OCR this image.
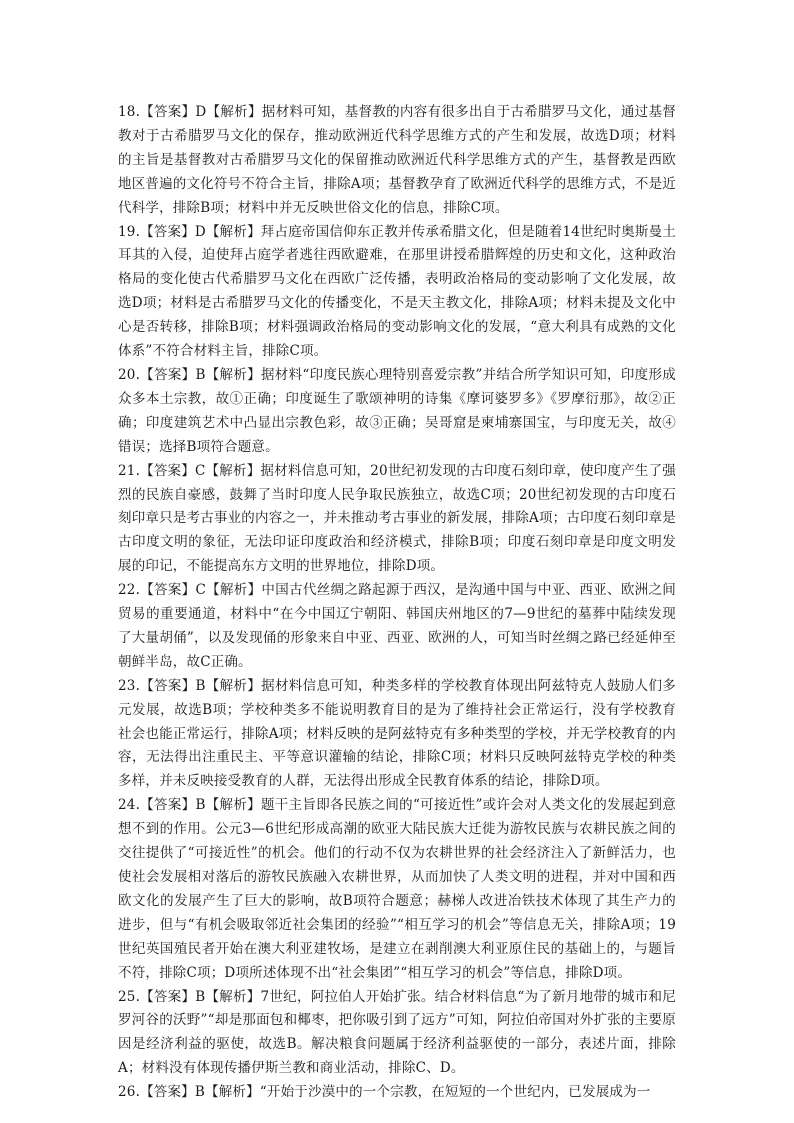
18.【答案】D【解析】据材料可知，基督教的内容有很多出自于古希腊罗马文化，通过基督教对于古希腊罗马文化的保存，推动欧洲近代科学思维方式的产生和发展，故选D项；材料的主旨是基督教对古希腊罗马文化的保留推动欧洲近代科学思维方式的产生，基督教是西欧地区普遍的文化符号不符合主旨，排除A项；基督教孕育了欧洲近代科学的思维方式，不是近代科学，排除B项；材料中并无反映世俗文化的信息，排除C项。

19.【答案】D【解析】拜占庭帝国信仰东正教并传承希腊文化，但是随着14世纪时奥斯曼土耳其的入侵，迫使拜占庭学者逃往西欧避难，在那里讲授希腊辉煌的历史和文化，这种政治格局的变化使古代希腊罗马文化在西欧广泛传播，表明政治格局的变动影响了文化发展，故选D项；材料是古希腊罗马文化的传播变化，不是天主教文化，排除A项；材料未提及文化中心是否转移，排除B项；材料强调政治格局的变动影响文化的发展，“意大利具有成熟的文化体系”不符合材料主旨，排除C项。

20.【答案】B【解析】据材料“印度民族心理特别喜爱宗教”并结合所学知识可知，印度形成众多本土宗教，故①正确；印度诞生了歌颂神明的诗集《摩诃婆罗多》《罗摩衍那》，故②正确；印度建筑艺术中凸显出宗教色彩，故③正确；吴哥窟是柬埔寨国宝，与印度无关，故④错误；选择B项符合题意。

21.【答案】C【解析】据材料信息可知，20世纪初发现的古印度石刻印章，使印度产生了强烈的民族自豪感，鼓舞了当时印度人民争取民族独立，故选C项；20世纪初发现的古印度石刻印章只是考古事业的内容之一，并未推动考古事业的新发展，排除A项；古印度石刻印章是古印度文明的象征，无法印证印度政治和经济模式，排除B项；印度石刻印章是印度文明发展的印记，不能提高东方文明的世界地位，排除D项。

22.【答案】C【解析】中国古代丝绸之路起源于西汉，是沟通中国与中亚、西亚、欧洲之间贸易的重要通道，材料中“在今中国辽宁朝阳、韩国庆州地区的7—9世纪的墓葬中陆续发现了大量胡俑”，以及发现俑的形象来自中亚、西亚、欧洲的人，可知当时丝绸之路已经延伸至朝鲜半岛，故C正确。

23.【答案】B【解析】据材料信息可知，种类多样的学校教育体现出阿兹特克人鼓励人们多元发展，故选B项；学校种类多不能说明教育目的是为了维持社会正常运行，没有学校教育社会也能正常运行，排除A项；材料反映的是阿兹特克有多种类型的学校，并无学校教育的内容，无法得出注重民主、平等意识灌输的结论，排除C项；材料只反映阿兹特克学校的种类多样，并未反映接受教育的人群，无法得出形成全民教育体系的结论，排除D项。

24.【答案】B【解析】题干主旨即各民族之间的“可接近性”或许会对人类文化的发展起到意想不到的作用。公元3—6世纪形成高潮的欧亚大陆民族大迁徙为游牧民族与农耕民族之间的交往提供了“可接近性”的机会。他们的行动不仅为农耕世界的社会经济注入了新鲜活力，也使社会发展相对落后的游牧民族融入农耕世界，从而加快了人类文明的进程，并对中国和西欧文化的发展产生了巨大的影响，故B项符合题意；赫梯人改进冶铁技术体现了其生产力的进步，但与“有机会吸取邻近社会集团的经验”“相互学习的机会”等信息无关，排除A项；19世纪英国殖民者开始在澳大利亚建牧场，是建立在剥削澳大利亚原住民的基础上的，与题旨不符，排除C项；D项所述体现不出“社会集团”“相互学习的机会”等信息，排除D项。

25.【答案】B【解析】7世纪，阿拉伯人开始扩张。结合材料信息“为了新月地带的城市和尼罗河谷的沃野”“却是那面包和椰枣，把你吸引到了远方”可知，阿拉伯帝国对外扩张的主要原因是经济利益的驱使，故选B。解决粮食问题属于经济利益驱使的一部分，表述片面，排除A；材料没有体现传播伊斯兰教和商业活动，排除C、D。

26.【答案】B【解析】“开始于沙漠中的一个宗教，在短短的一个世纪内，已发展成为一
